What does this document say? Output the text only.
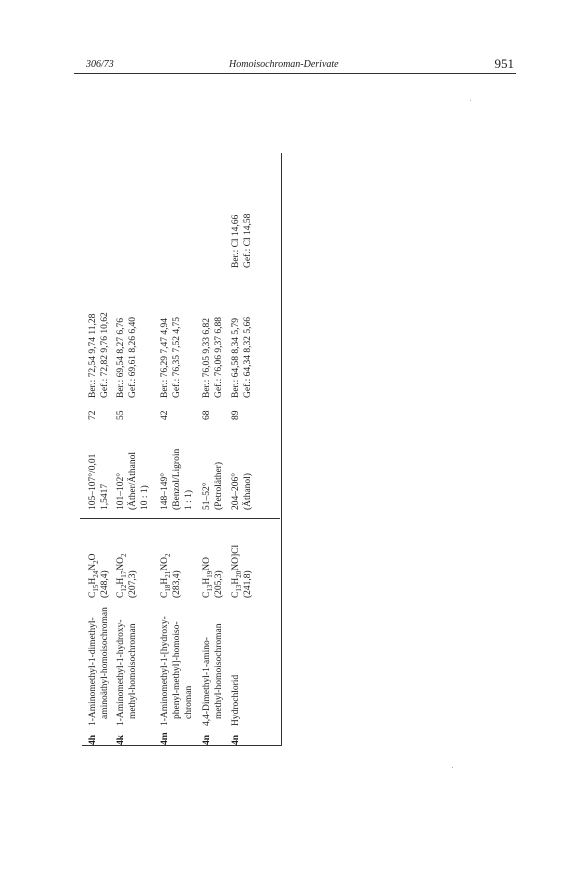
306/73	Homoisochroman-Derivate	951
4h
1-Aminomethyl-1-dimethyl- aminoäthyl-homoisochroman
$C_{15}H_{24}N_2O$
(248,4)
105–107°/0,01 1,5417
72
Ber.: 72,54 9,74 11,28 Gef.: 72,82 9,76 10,62
4k
1-Aminomethyl-1-hydroxy- methyl-homoisochroman
$C_{12}H_{17}NO_2$
(207,3)
101–102° (Äther/Äthanol 10 : 1)
55
Ber.: 69,54 8,27 6,76 Gef.: 69,61 8,26 6,40
4m
1-Aminomethyl-1-[hydroxy- phenyl-methyl]-homoiso- chroman
$C_{18}H_{21}NO_2$
(283,4)
148–149° (Benzol/Ligroin 1 : 1)
42
Ber.: 76,29 7,47 4,94 Gef.: 76,35 7,52 4,75
4n
4,4-Dimethyl-1-amino- methyl-homoisochroman
$C_{13}H_{19}NO$
(205,3)
51–52° (Petroläther)
68
Ber.: 76,05 9,33 6,82 Gef.: 76,06 9,37 6,88
4n
Hydrochlorid
$C_{13}H_{20}NO]Cl$
(241,8)
204–206° (Äthanol)
89
Ber.: 64,58 8,34 5,79 Gef.: 64,34 8,32 5,66
Ber.: Cl 14,66 Gef.: Cl 14,58
